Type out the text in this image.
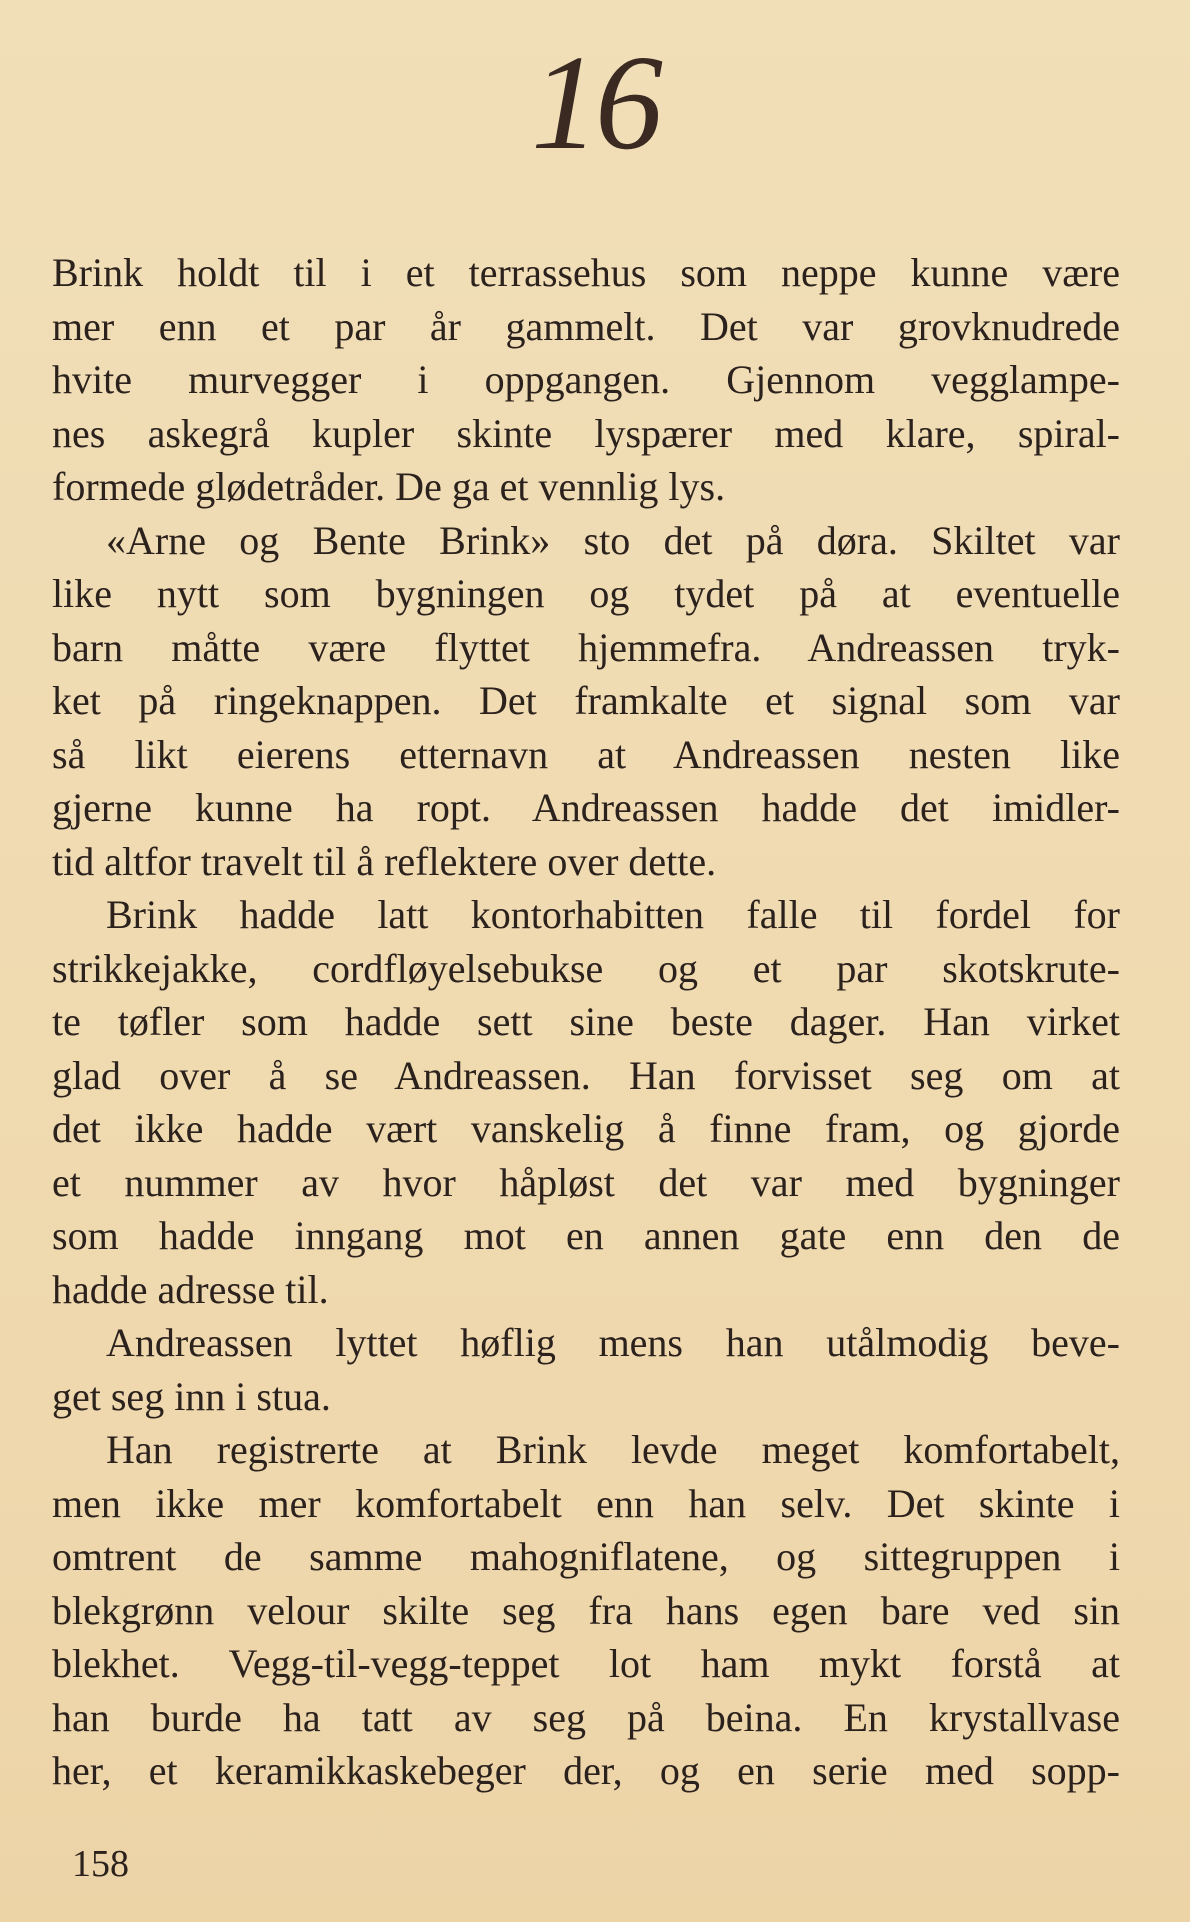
16
Brink holdt til i et terrassehus som neppe kunne være
mer enn et par år gammelt. Det var grovknudrede
hvite murvegger i oppgangen. Gjennom vegglampe-
nes askegrå kupler skinte lyspærer med klare, spiral-
formede glødetråder. De ga et vennlig lys.
«Arne og Bente Brink» sto det på døra. Skiltet var
like nytt som bygningen og tydet på at eventuelle
barn måtte være flyttet hjemmefra. Andreassen tryk-
ket på ringeknappen. Det framkalte et signal som var
så likt eierens etternavn at Andreassen nesten like
gjerne kunne ha ropt. Andreassen hadde det imidler-
tid altfor travelt til å reflektere over dette.
Brink hadde latt kontorhabitten falle til fordel for
strikkejakke, cordfløyelsebukse og et par skotskrute-
te tøfler som hadde sett sine beste dager. Han virket
glad over å se Andreassen. Han forvisset seg om at
det ikke hadde vært vanskelig å finne fram, og gjorde
et nummer av hvor håpløst det var med bygninger
som hadde inngang mot en annen gate enn den de
hadde adresse til.
Andreassen lyttet høflig mens han utålmodig beve-
get seg inn i stua.
Han registrerte at Brink levde meget komfortabelt,
men ikke mer komfortabelt enn han selv. Det skinte i
omtrent de samme mahogniflatene, og sittegruppen i
blekgrønn velour skilte seg fra hans egen bare ved sin
blekhet. Vegg-til-vegg-teppet lot ham mykt forstå at
han burde ha tatt av seg på beina. En krystallvase
her, et keramikkaskebeger der, og en serie med sopp-
158
